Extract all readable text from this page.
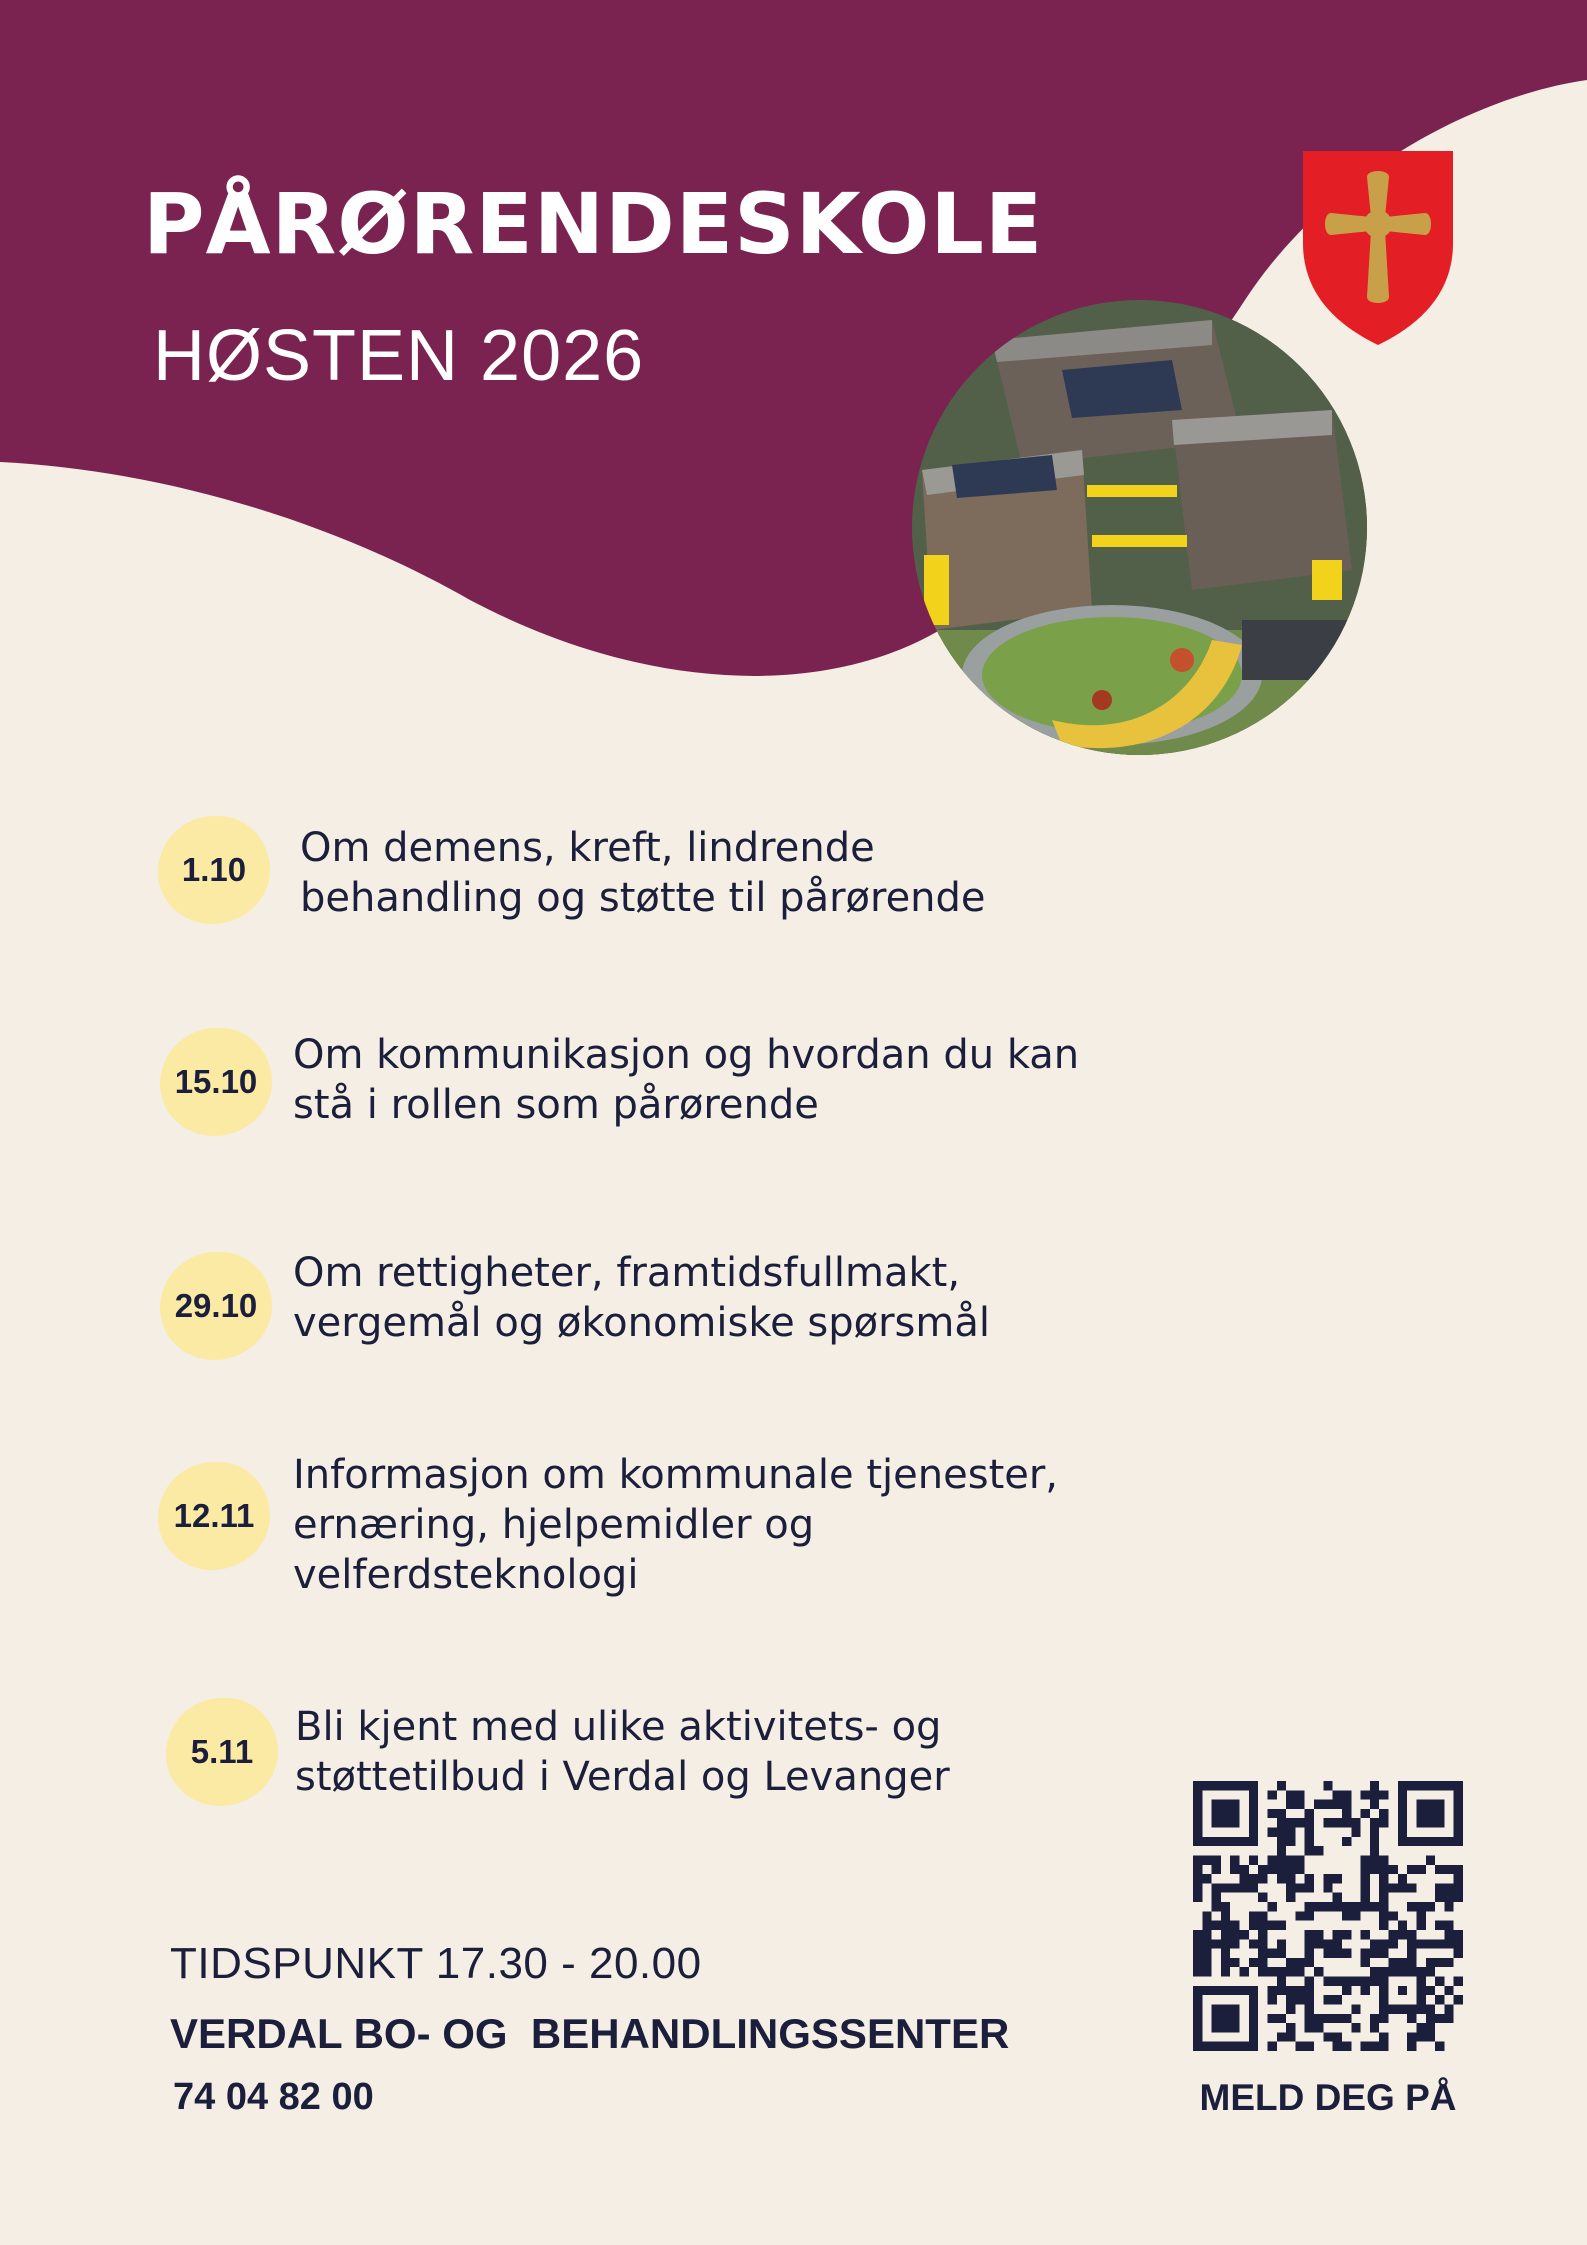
PÅRØRENDESKOLE
HØSTEN 2026
1.10 Om demens, kreft, lindrende
behandling og støtte til pårørende
15.10
Om kommunikasjon og hvordan du kan
stå i rollen som pårørende
29.10
Om rettigheter, framtidsfullmakt,
vergemål og økonomiske spørsmål
12.11
Informasjon om kommunale tjenester,
ernæring, hjelpemidler og
velferdsteknologi
5.11
Bli kjent med ulike aktivitets- og
støttetilbud i Verdal og Levanger
TIDSPUNKT 17.30 - 20.00
VERDAL BO- OG  BEHANDLINGSSENTER
74 04 82 00	MELD DEG PÅ
